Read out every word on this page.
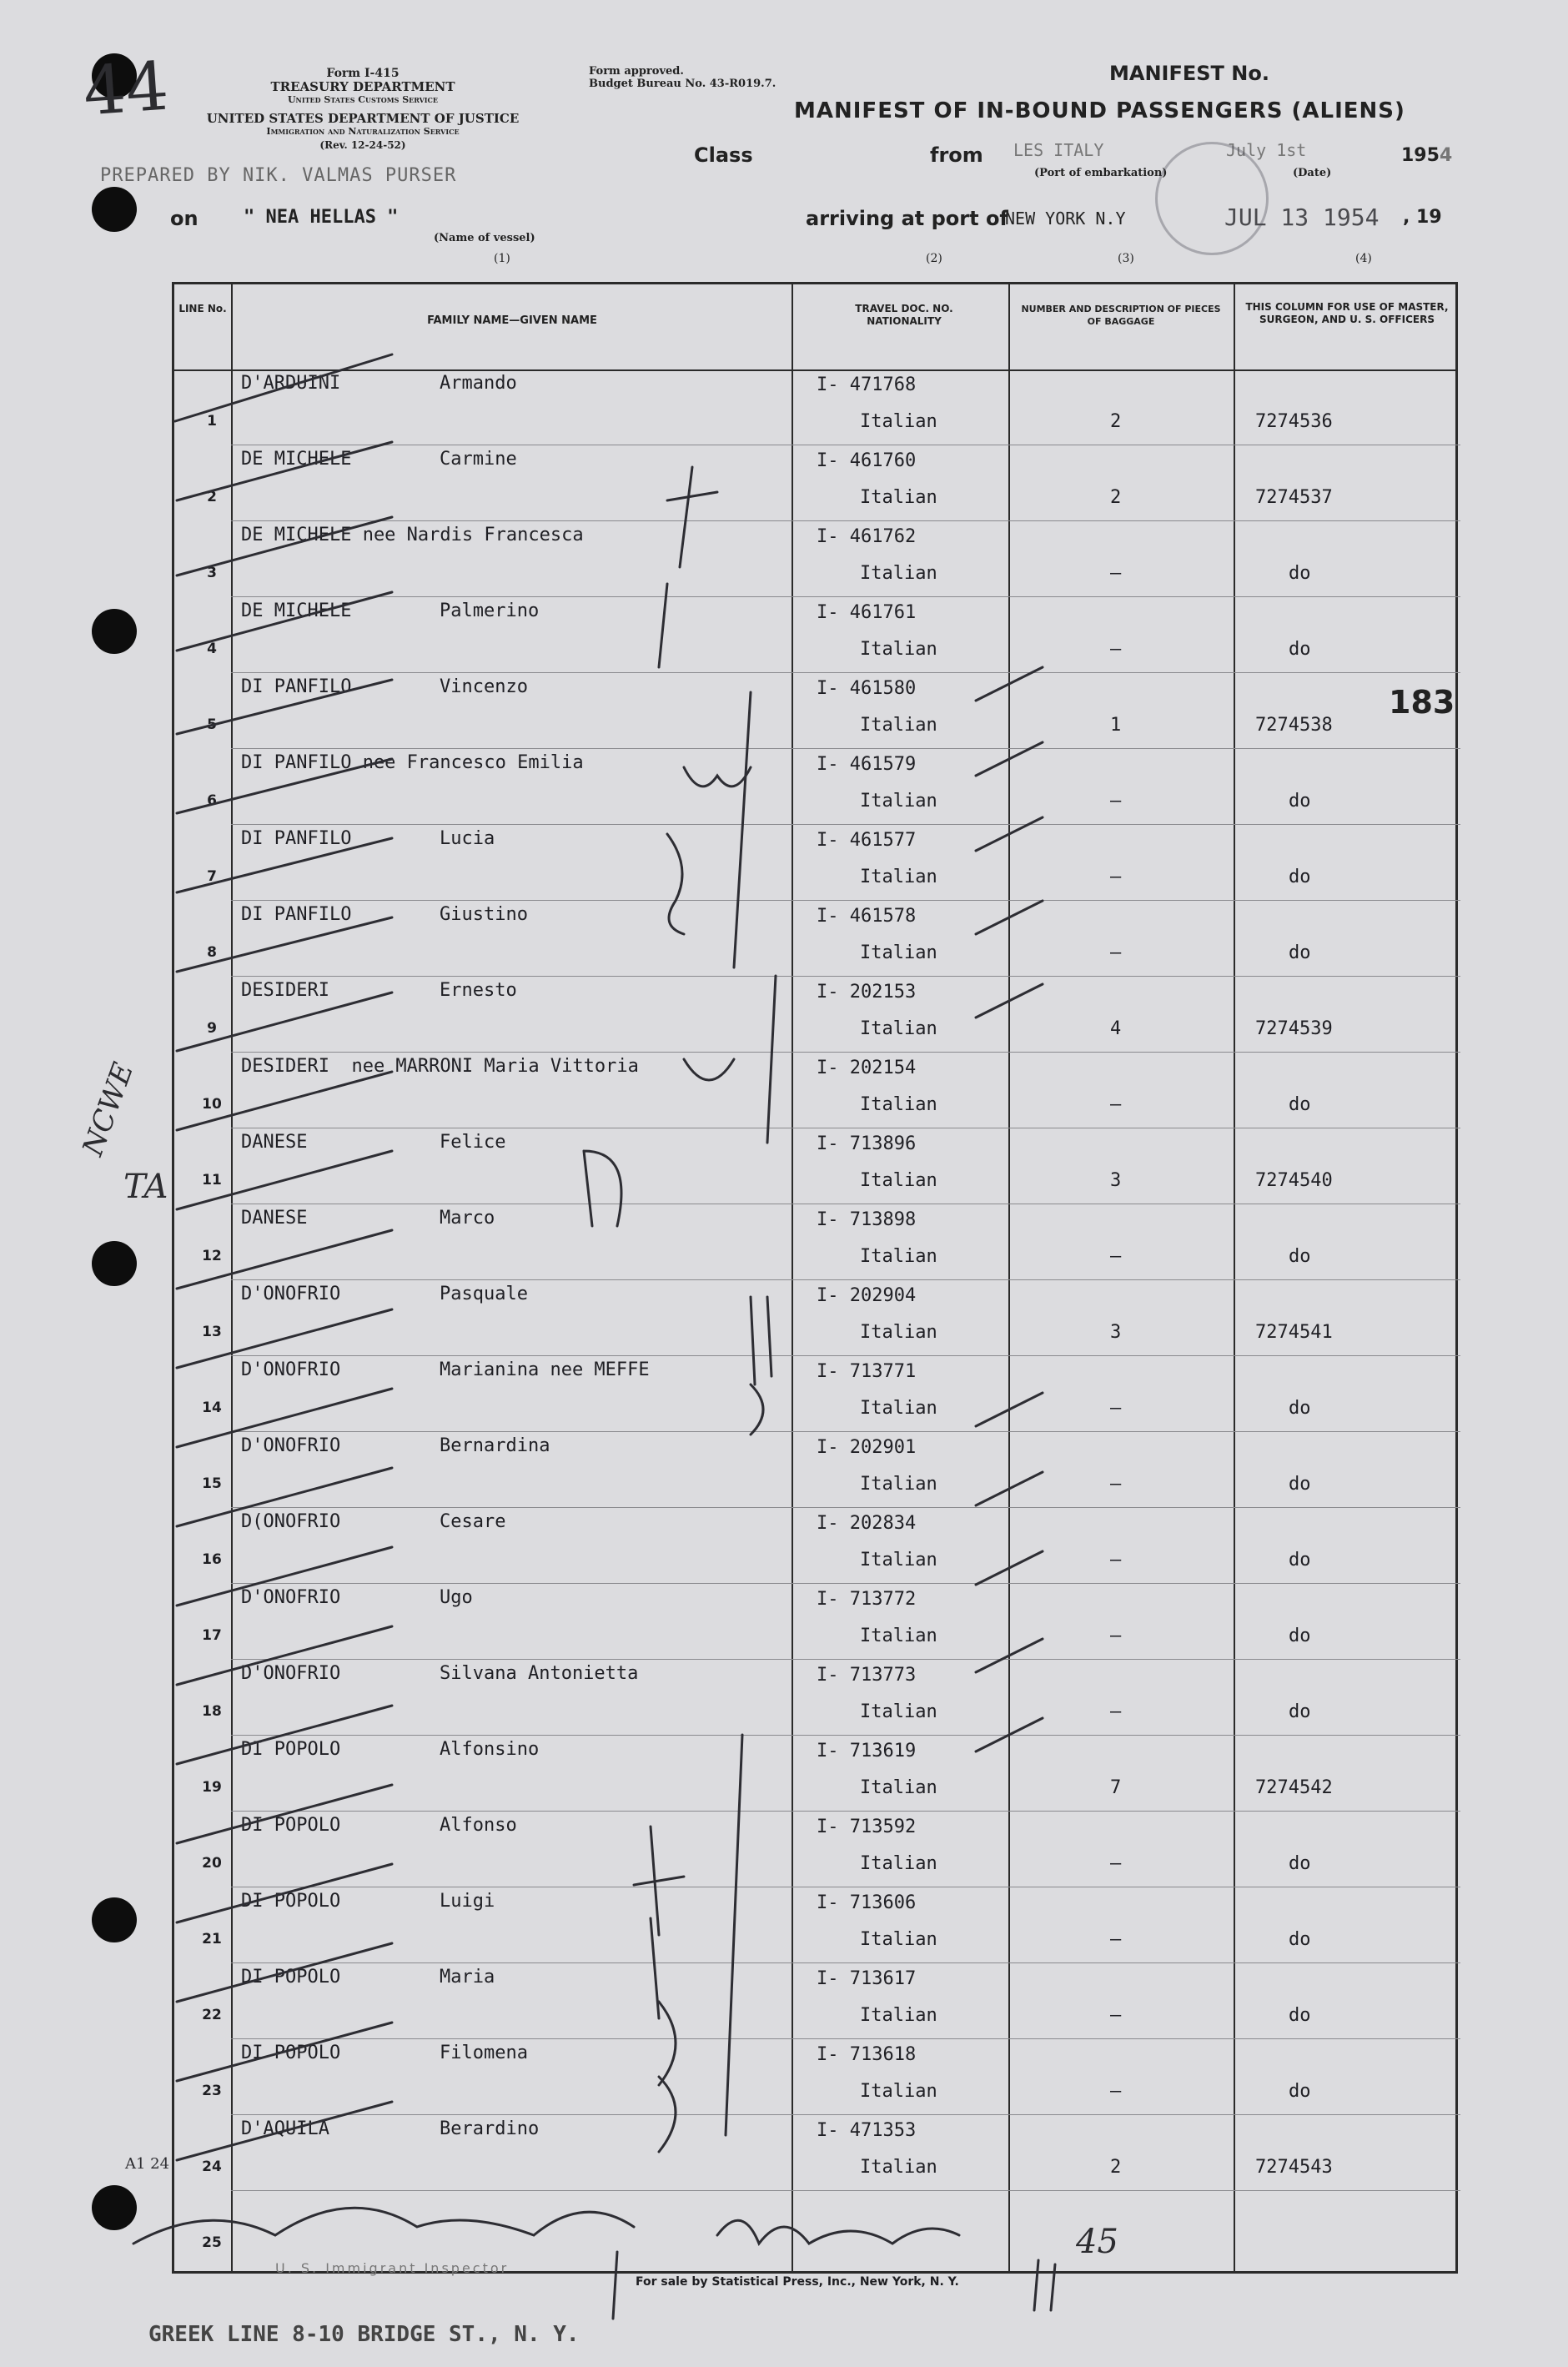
44	Form I-415
TREASURY DEPARTMENT
United States Customs Service
UNITED STATES DEPARTMENT OF JUSTICE
Immigration and Naturalization Service
(Rev. 12-24-52)
Form approved.
Budget Bureau No. 43-R019.7.	MANIFEST No.
MANIFEST OF IN-BOUND PASSENGERS (ALIENS)
Class	from LES ITALY
(Port of embarkation)
July 1st
(Date)
1954
PREPARED BY NIK. VALMAS PURSER
on " NEA HELLAS "
(Name of vessel)
arriving at port of
NEW YORK N.Y	JUL 13 1954 , 19
(1)	(2)	(3)	(4)
183
NCWE
TA
A1 24
LINE No.
FAMILY NAME—GIVEN NAME
TRAVEL DOC. NO. NATIONALITY
NUMBER AND DESCRIPTION OF PIECES OF BAGGAGE
THIS COLUMN FOR USE OF MASTER, SURGEON, AND U. S. OFFICERS
1
D'ARDUINI	Armando	I- 471768
Italian	2	7274536
2
DE MICHELE	Carmine	I- 461760
Italian	2	7274537
3
DE MICHELE nee Nardis Francesca	I- 461762
Italian	–	do
4
DE MICHELE	Palmerino	I- 461761
Italian	–	do
5
DI PANFILO	Vincenzo	I- 461580
Italian	1	7274538
6
DI PANFILO nee Francesco Emilia	I- 461579
Italian	–	do
7
DI PANFILO	Lucia	I- 461577
Italian	–	do
8
DI PANFILO	Giustino	I- 461578
Italian	–	do
9
DESIDERI	Ernesto	I- 202153
Italian	4	7274539
10
DESIDERI  nee MARRONI Maria Vittoria	I- 202154
Italian	–	do
11
DANESE	Felice	I- 713896
Italian	3	7274540
12
DANESE	Marco	I- 713898
Italian	–	do
13
D'ONOFRIO	Pasquale	I- 202904
Italian	3	7274541
14
D'ONOFRIO	Marianina nee MEFFE	I- 713771
Italian	–	do
15
D'ONOFRIO	Bernardina	I- 202901
Italian	–	do
16
D(ONOFRIO	Cesare	I- 202834
Italian	–	do
17
D'ONOFRIO	Ugo	I- 713772
Italian	–	do
18
D'ONOFRIO	Silvana Antonietta	I- 713773
Italian	–	do
19
DI POPOLO	Alfonsino	I- 713619
Italian	7	7274542
20
DI POPOLO	Alfonso	I- 713592
Italian	–	do
21
DI POPOLO	Luigi	I- 713606
Italian	–	do
22
DI POPOLO	Maria	I- 713617
Italian	–	do
23
DI POPOLO	Filomena	I- 713618
Italian	–	do
24
D'AQUILA	Berardino	I- 471353
Italian	2	7274543
25
U. S. Immigrant Inspector
For sale by Statistical Press, Inc., New York, N. Y.
GREEK LINE 8-10 BRIDGE ST., N. Y.
45
